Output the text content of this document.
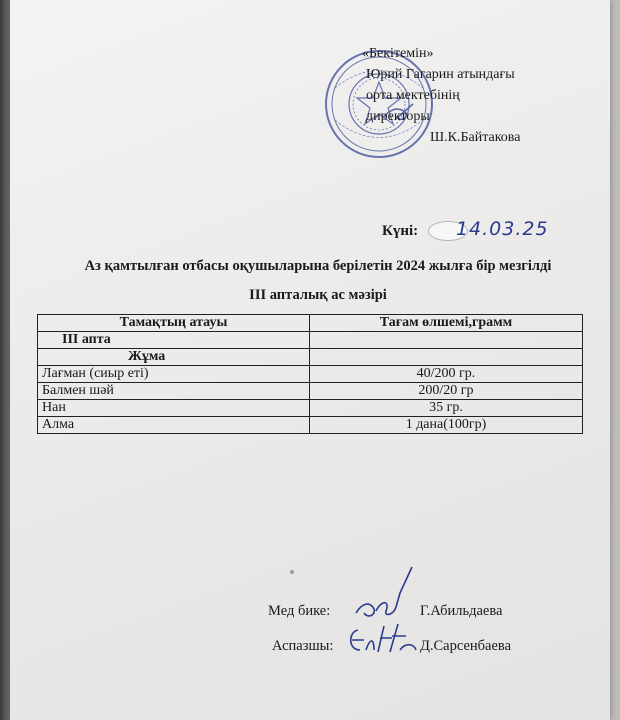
«Бекітемін»
Юрий Гагарин атындағы
орта мектебінің
директоры
Ш.К.Байтакова
Күні: 14.03.25
Аз қамтылған отбасы оқушыларына берілетін 2024 жылға бір мезгілді
ІІІ апталық ас мәзірі
Тамақтың атауы	Тағам өлшемі,грамм
ІІІ апта	
Жұма	
Лағман (сиыр еті)	40/200 гр.
Балмен шәй	200/20 гр
Нан	35 гр.
Алма	1 дана(100гр)
Мед бике:	Г.Абильдаева
Аспазшы:	Д.Сарсенбаева
